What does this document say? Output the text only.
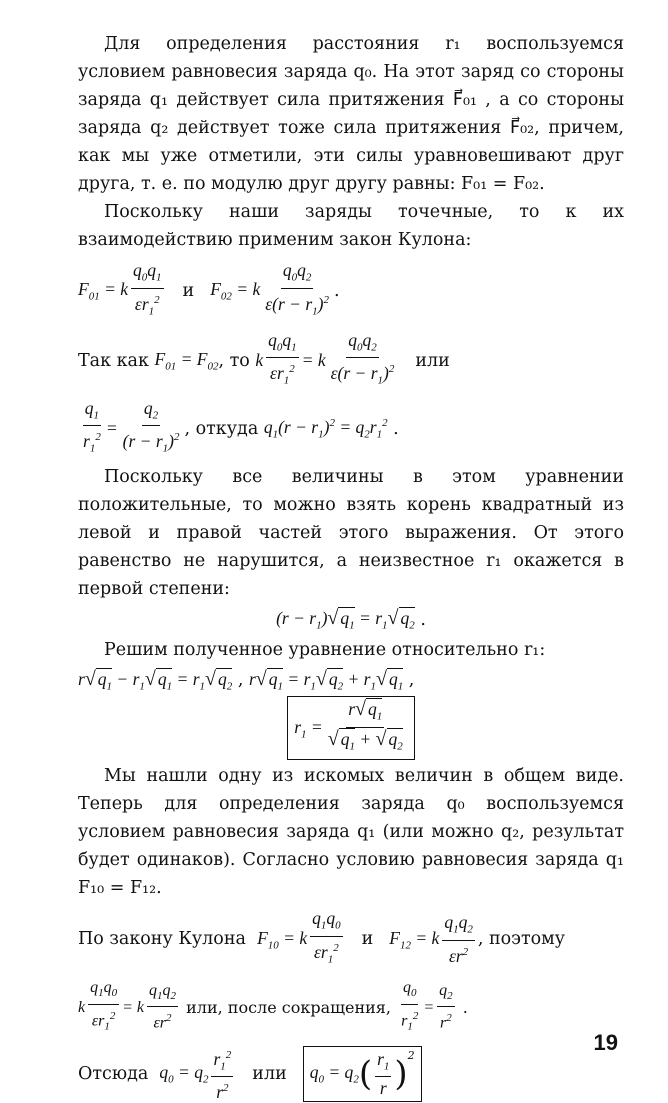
Для определения расстояния r₁ воспользуемся условием равновесия заряда q₀. На этот заряд со стороны заряда q₁ действует сила притяжения F⃗₀₁ , а со стороны заряда q₂ действует тоже сила притяжения F⃗₀₂, причем, как мы уже отметили, эти силы уравновешивают друг друга, т. е. по модулю друг другу равны: F₀₁ = F₀₂.

Поскольку наши заряды точечные, то к их взаимодействию применим закон Кулона:

$F_{01} = k \frac{q_0q_1}{\varepsilon r_1^2}$ и $F_{02} = k \frac{q_0q_2}{\varepsilon(r - r_1)^2}$ .
Так как
$F_{01} = F_{02}$ , то
k $\frac{q_0q_1}{\varepsilon r_1^2} = k \frac{q_0q_2}{\varepsilon(r - r_1)^2}$ или
$\frac{q_1}{r_1^2} = \frac{q_2}{(r - r_1)^2}$ , откуда
$q_1(r - r_1)^2 = q_2r_1^2$ .

Поскольку все величины в этом уравнении положительные, то можно взять корень квадратный из левой и правой частей этого выражения. От этого равенство не нарушится, а неизвестное r₁ окажется в первой степени:

$(r - r_1)√$ $q_1 = r_1√$ $q_2$ .

Решим полученное уравнение относительно r₁:

r√ $q_1 - r_1√$ $q_1 = r_1√$ $q_2$ , r√ $q_1 = r_1√$ $q_2 + r_1√$ $q_1$ ,
$r_1 = \frac{r√ q_1}{√ q_1 + √ q_2}$

Мы нашли одну из искомых величин в общем виде. Теперь для определения заряда q₀ воспользуемся условием равновесия заряда q₁ (или можно q₂, результат будет одинаков). Согласно условию равновесия заряда q₁ F₁₀ = F₁₂.

По закону Кулона
$F_{10} = k \frac{q_1q_0}{\varepsilon r_1^2}$ и $F_{12} = k \frac{q_1q_2}{\varepsilon r^2}$ , поэтому
k $\frac{q_1q_0}{\varepsilon r_1^2} = k \frac{q_1q_2}{\varepsilon r^2}$
или, после сокращения,
$\frac{q_0}{r_1^2} = \frac{q_2}{r^2}$ .
Отсюда
$q_0 = q_2 \frac{r_1^2}{r^2}$ или $q_0 = q_2$ ( $\frac{r_1}{r} )^2$
19
